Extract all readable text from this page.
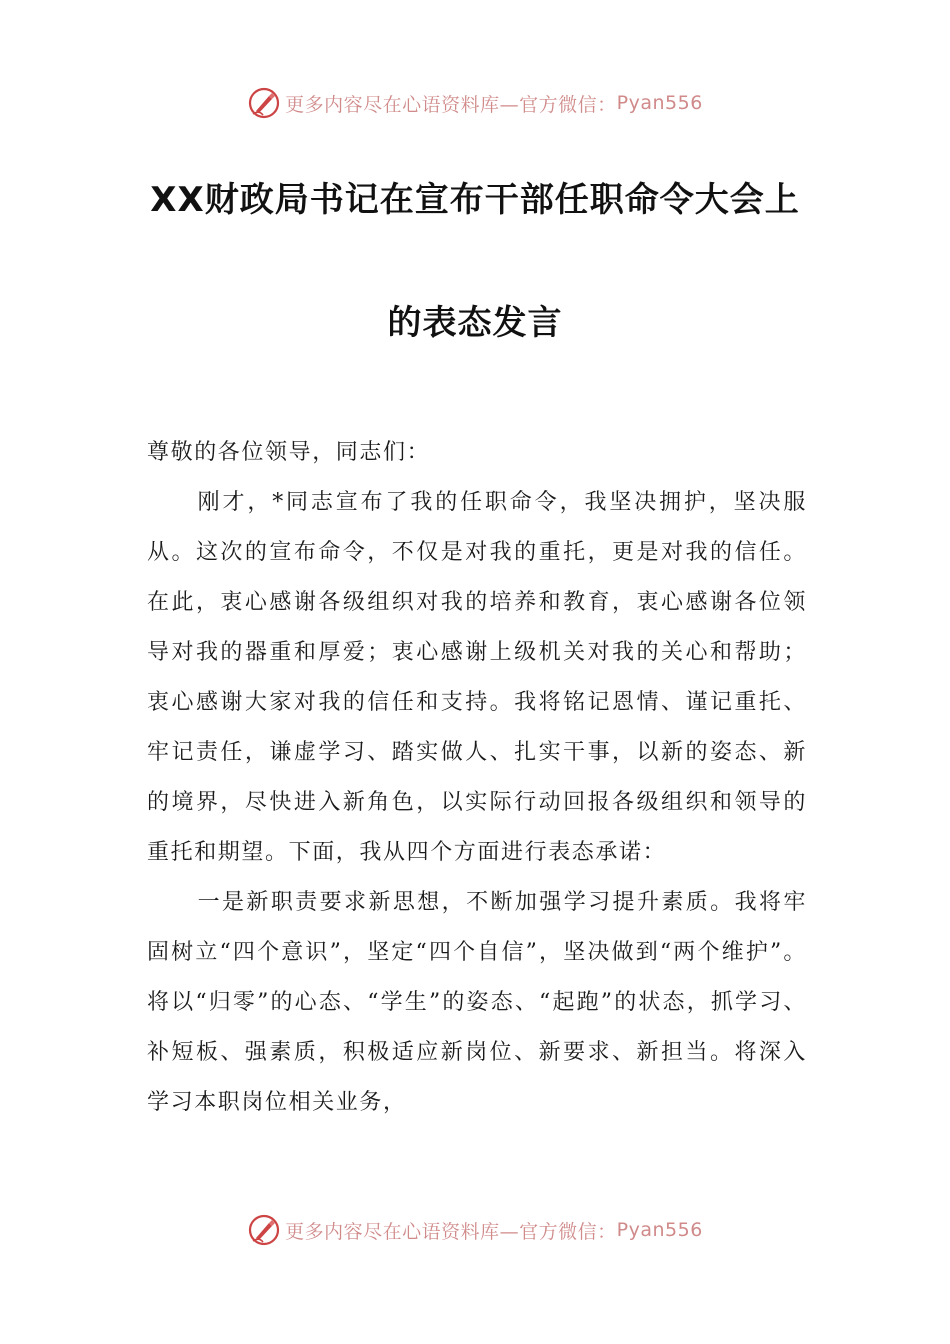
更多内容尽在心语资料库—官方微信： Pyan556
XX财政局书记在宣布干部任职命令大会上
的表态发言

尊敬的各位领导，同志们：

刚才，*同志宣布了我的任职命令，我坚决拥护，坚决服从。这次的宣布命令，不仅是对我的重托，更是对我的信任。在此，衷心感谢各级组织对我的培养和教育，衷心感谢各位领导对我的器重和厚爱；衷心感谢上级机关对我的关心和帮助；衷心感谢大家对我的信任和支持。我将铭记恩情、谨记重托、牢记责任，谦虚学习、踏实做人、扎实干事，以新的姿态、新的境界，尽快进入新角色，以实际行动回报各级组织和领导的重托和期望。下面，我从四个方面进行表态承诺：

一是新职责要求新思想，不断加强学习提升素质。我将牢固树立“四个意识”，坚定“四个自信”，坚决做到“两个维护”。将以“归零”的心态、“学生”的姿态、“起跑”的状态，抓学习、补短板、强素质，积极适应新岗位、新要求、新担当。将深入学习本职岗位相关业务，

更多内容尽在心语资料库—官方微信： Pyan556
